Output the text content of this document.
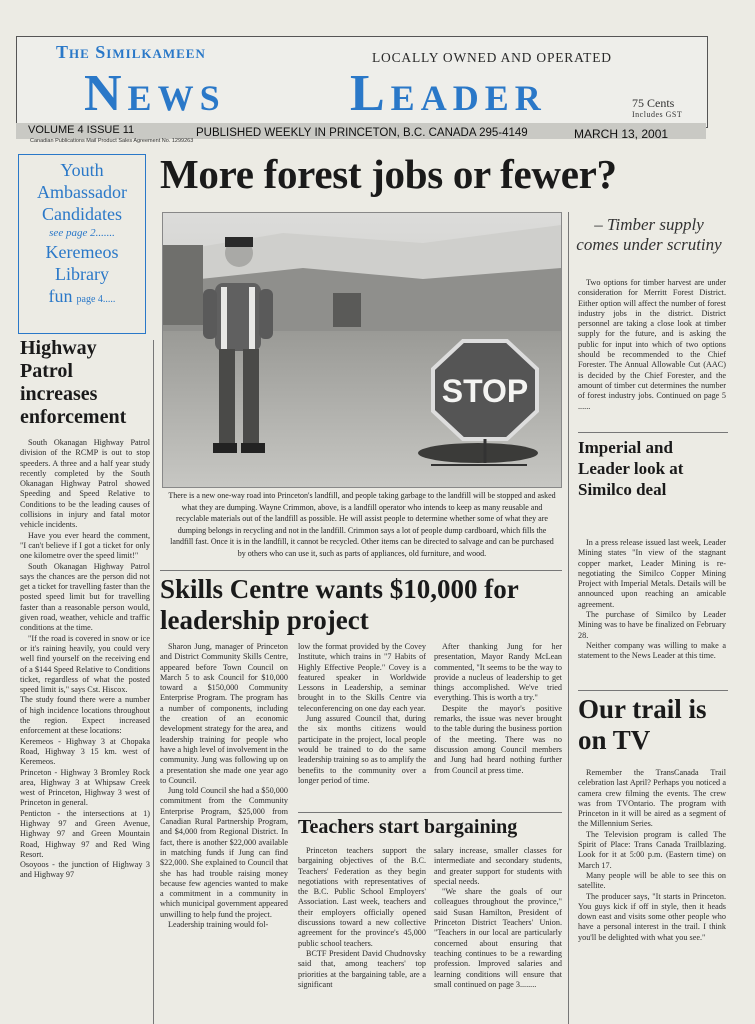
The Similkameen	LOCALLY OWNED AND OPERATED
News Leader	75 Cents
Includes GST
VOLUME 4 ISSUE 11	PUBLISHED WEEKLY IN PRINCETON, B.C. CANADA 295-4149	MARCH 13, 2001
Canadian Publications Mail Product Sales Agreement No. 1299263
Youth
Ambassador
Candidates
see page 2.......
Keremeos
Library
fun page 4.....
More forest jobs or fewer?
STOP
There is a new one-way road into Princeton's landfill, and people taking garbage to the landfill will be stopped and asked what they are dumping. Wayne Crimmon, above, is a landfill operator who intends to keep as many reusable and recyclable materials out of the landfill as possible. He will assist people to determine whether some of what they are dumping belongs in recycling and not in the landfill. Crimmon says a lot of people dump cardboard, which fills the landfill fast. Once it is in the landfill, it cannot be recycled. Other items can be directed to salvage and can be purchased by others who can use it, such as parts of appliances, old furniture, and wood.
– Timber supply comes under scrutiny

Two options for timber harvest are under consideration for Merritt Forest District. Either option will affect the number of forest industry jobs in the district. District personnel are taking a close look at timber supply for the future, and is asking the public for input into which of two options should be recommended to the Chief Forester. The Annual Allowable Cut (AAC) is decided by the Chief Forester, and the amount of timber cut determines the number of forest industry jobs. Continued on page 5 ......

Imperial and Leader look at Similco deal

In a press release issued last week, Leader Mining states "In view of the stagnant copper market, Leader Mining is re-negotiating the Similco Copper Mining Project with Imperial Metals. Details will be announced upon reaching an amicable agreement.

The purchase of Similco by Leader Mining was to have be finalized on February 28.

Neither company was willing to make a statement to the News Leader at this time.

Our trail is on TV

Remember the TransCanada Trail celebration last April? Perhaps you noticed a camera crew filming the events. The crew was from TVOntario. The program with Princeton in it will be aired as a segment of the Millennium Series.

The Television program is called The Spirit of Place: Trans Canada Trailblazing. Look for it at 5:00 p.m. (Eastern time) on March 17.

Many people will be able to see this on satellite.

The producer says, "It starts in Princeton. You guys kick if off in style, then it heads down east and visits some other people who have a personal interest in the trail. I think you'll be delighted with what you see."

Highway Patrol increases enforcement

South Okanagan Highway Patrol division of the RCMP is out to stop speeders. A three and a half year study recently completed by the South Okanagan Highway Patrol showed Speeding and Speed Relative to Conditions to be the leading causes of collisions in injury and fatal motor vehicle incidents.

Have you ever heard the comment, "I can't believe if I got a ticket for only one kilometre over the speed limit!"

South Okanagan Highway Patrol says the chances are the person did not get a ticket for travelling faster than the posted speed limit but for travelling faster than a reasonable person would, given road, weather, vehicle and traffic conditions at the time.

"If the road is covered in snow or ice or it's raining heavily, you could very well find yourself on the receiving end of a $144 Speed Relative to Conditions ticket, regardless of what the posted speed limit is," says Cst. Hiscox.

The study found there were a number of high incidence locations throughout the region. Expect increased enforcement at these locations:

Keremeos - Highway 3 at Chopaka Road, Highway 3 15 km. west of Keremeos.

Princeton - Highway 3 Bromley Rock area, Highway 3 at Whipsaw Creek west of Princeton, Highway 3 west of Princeton in general.

Penticton - the intersections at 1) Highway 97 and Green Avenue, Highway 97 and Green Mountain Road, Highway 97 and Red Wing Resort.

Osoyoos - the junction of Highway 3 and Highway 97

Skills Centre wants $10,000 for leadership project

Sharon Jung, manager of Princeton and District Community Skills Centre, appeared before Town Council on March 5 to ask Council for $10,000 toward a $150,000 Community Enterprise Program. The program has a number of components, including the creation of an economic development strategy for the area, and leadership training for people who have a high level of involvement in the community. Jung was following up on a presentation she made one year ago to Council.

Jung told Council she had a $50,000 commitment from the Community Enterprise Program, $25,000 from Canadian Rural Partnership Program, and $4,000 from Regional District. In fact, there is another $22,000 available in matching funds if Jung can find $22,000. She explained to Council that she has had trouble raising money because few agencies wanted to make a commitment in a community in which municipal government appeared unwilling to help fund the project.

Leadership training would fol-

low the format provided by the Covey Institute, which trains in "7 Habits of Highly Effective People." Covey is a featured speaker in Worldwide Lessons in Leadership, a seminar brought in to the Skills Centre via teleconferencing on one day each year.

Jung assured Council that, during the six months citizens would participate in the project, local people would be trained to do the same leadership training so as to amplify the benefits to the community over a longer period of time.

After thanking Jung for her presentation, Mayor Randy McLean commented, "It seems to be the way to provide a nucleus of leadership to get things accomplished. We've tried everything. This is worth a try."

Despite the mayor's positive remarks, the issue was never brought to the table during the business portion of the meeting. There was no discussion among Council members and Jung had heard nothing further from Council at press time.

Teachers start bargaining

Princeton teachers support the bargaining objectives of the B.C. Teachers' Federation as they begin negotiations with representatives of the B.C. Public School Employers' Association. Last week, teachers and their employers officially opened discussions toward a new collective agreement for the province's 45,000 public school teachers.

BCTF President David Chudnovsky said that, among teachers' top priorities at the bargaining table, are a significant

salary increase, smaller classes for intermediate and secondary students, and greater support for students with special needs.

"We share the goals of our colleagues throughout the province," said Susan Hamilton, President of Princeton District Teachers' Union. "Teachers in our local are particularly concerned about ensuring that teaching continues to be a rewarding profession. Improved salaries and learning conditions will ensure that small continued on page 3........
